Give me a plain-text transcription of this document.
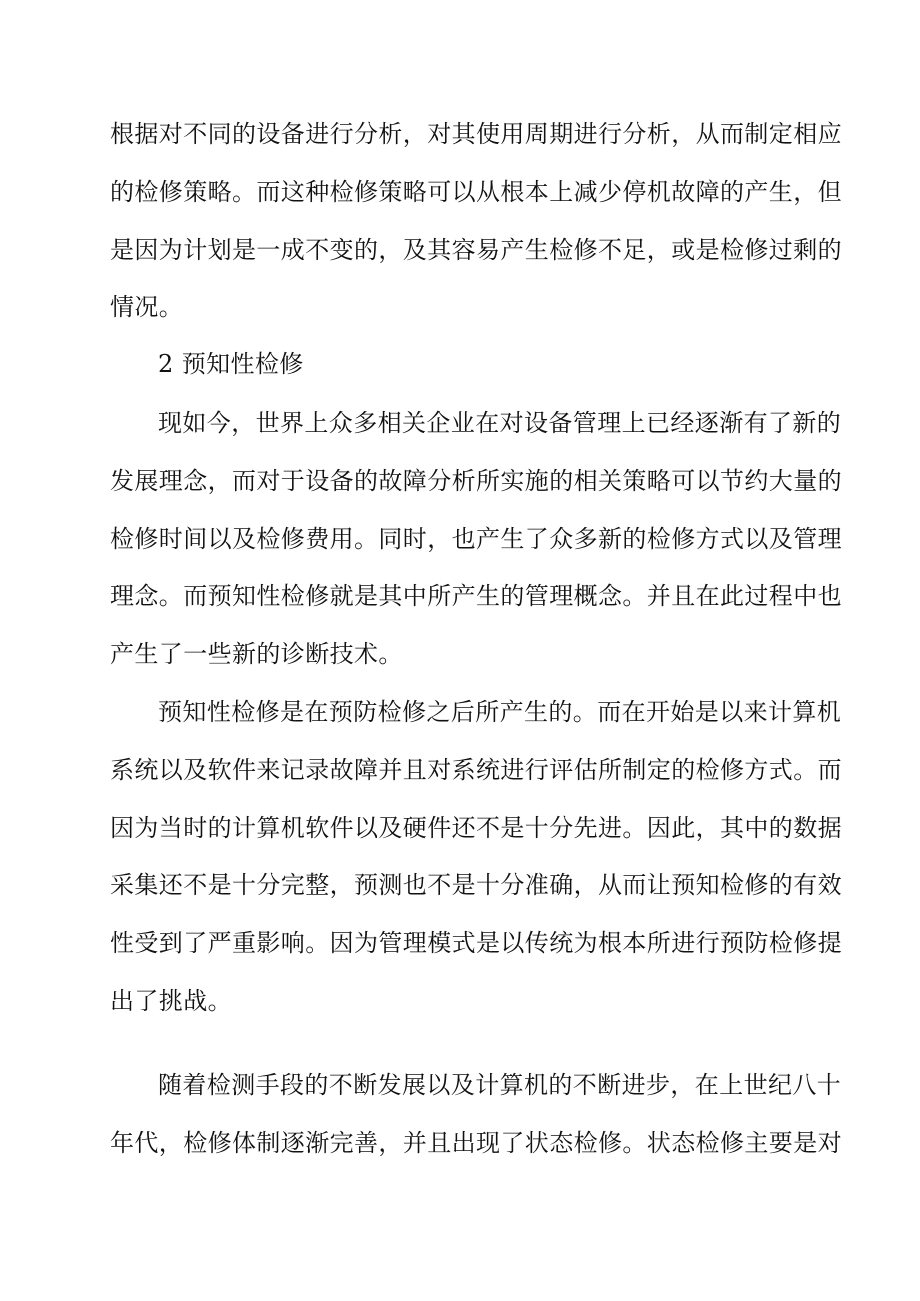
根据对不同的设备进行分析，对其使用周期进行分析，从而制定相应
的检修策略。而这种检修策略可以从根本上减少停机故障的产生，但
是因为计划是一成不变的，及其容易产生检修不足，或是检修过剩的
情况。
2 预知性检修
现如今，世界上众多相关企业在对设备管理上已经逐渐有了新的
发展理念，而对于设备的故障分析所实施的相关策略可以节约大量的
检修时间以及检修费用。同时，也产生了众多新的检修方式以及管理
理念。而预知性检修就是其中所产生的管理概念。并且在此过程中也
产生了一些新的诊断技术。
预知性检修是在预防检修之后所产生的。而在开始是以来计算机
系统以及软件来记录故障并且对系统进行评估所制定的检修方式。而
因为当时的计算机软件以及硬件还不是十分先进。因此，其中的数据
采集还不是十分完整，预测也不是十分准确，从而让预知检修的有效
性受到了严重影响。因为管理模式是以传统为根本所进行预防检修提
出了挑战。
随着检测手段的不断发展以及计算机的不断进步，在上世纪八十
年代，检修体制逐渐完善，并且出现了状态检修。状态检修主要是对
